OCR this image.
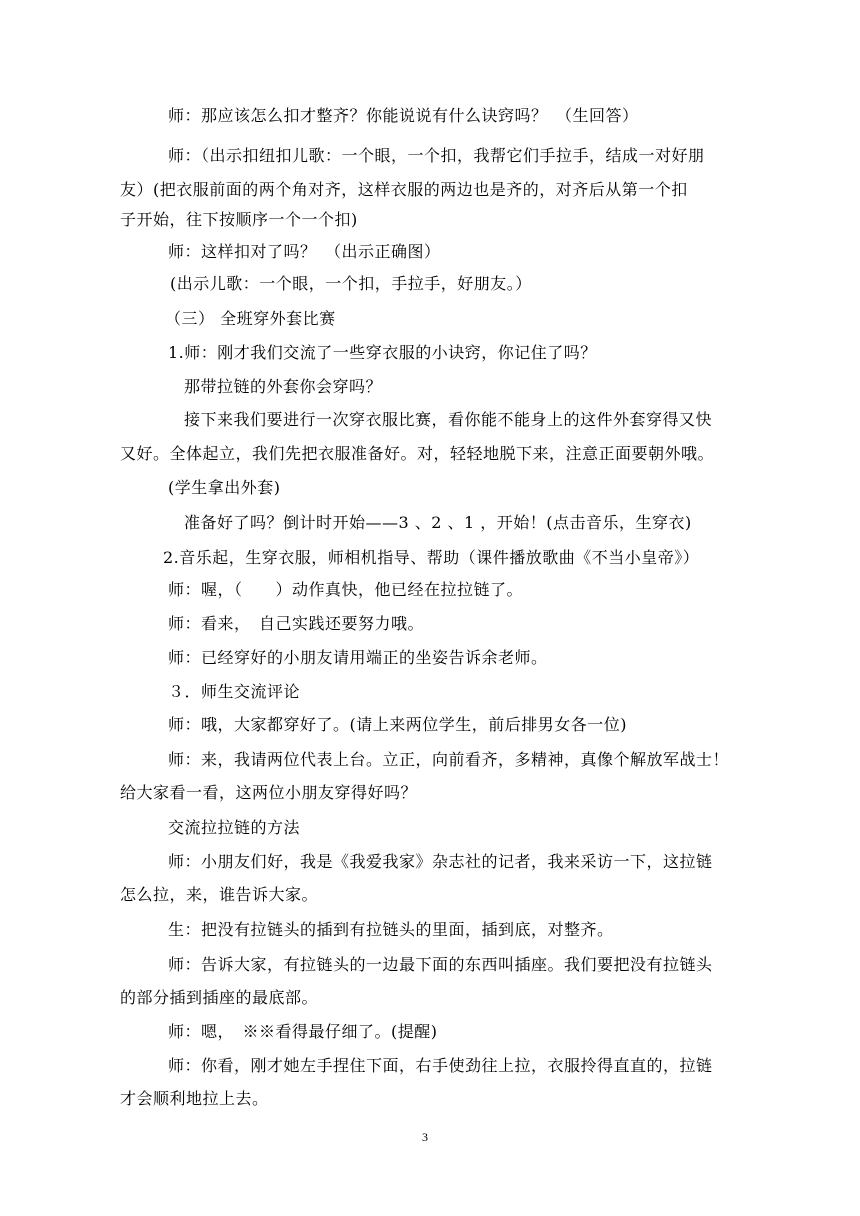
师：那应该怎么扣才整齐？你能说说有什么诀窍吗？　（生回答）
师：（出示扣纽扣儿歌：一个眼，一个扣，我帮它们手拉手，结成一对好朋
友）(把衣服前面的两个角对齐，这样衣服的两边也是齐的，对齐后从第一个扣
子开始，往下按顺序一个一个扣)
师：这样扣对了吗？　（出示正确图）
(出示儿歌：一个眼，一个扣，手拉手，好朋友。）
（三） 全班穿外套比赛
1.师：刚才我们交流了一些穿衣服的小诀窍，你记住了吗？
那带拉链的外套你会穿吗？
接下来我们要进行一次穿衣服比赛，看你能不能身上的这件外套穿得又快
又好。全体起立，我们先把衣服准备好。对，轻轻地脱下来，注意正面要朝外哦。
(学生拿出外套)
准备好了吗？倒计时开始——3 、2 、1 ，开始！(点击音乐，生穿衣)
2.音乐起，生穿衣服，师相机指导、帮助（课件播放歌曲《不当小皇帝》）
师：喔，（　　）动作真快，他已经在拉拉链了。
师：看来，　自己实践还要努力哦。
师：已经穿好的小朋友请用端正的坐姿告诉余老师。
３．师生交流评论
师：哦，大家都穿好了。(请上来两位学生，前后排男女各一位)
师：来，我请两位代表上台。立正，向前看齐，多精神，真像个解放军战士！
给大家看一看，这两位小朋友穿得好吗？
交流拉拉链的方法
师：小朋友们好，我是《我爱我家》杂志社的记者，我来采访一下，这拉链
怎么拉，来，谁告诉大家。
生：把没有拉链头的插到有拉链头的里面，插到底，对整齐。
师：告诉大家，有拉链头的一边最下面的东西叫插座。我们要把没有拉链头
的部分插到插座的最底部。
师：嗯，　※※看得最仔细了。(提醒)
师：你看，刚才她左手捏住下面，右手使劲往上拉，衣服拎得直直的，拉链
才会顺利地拉上去。
3
